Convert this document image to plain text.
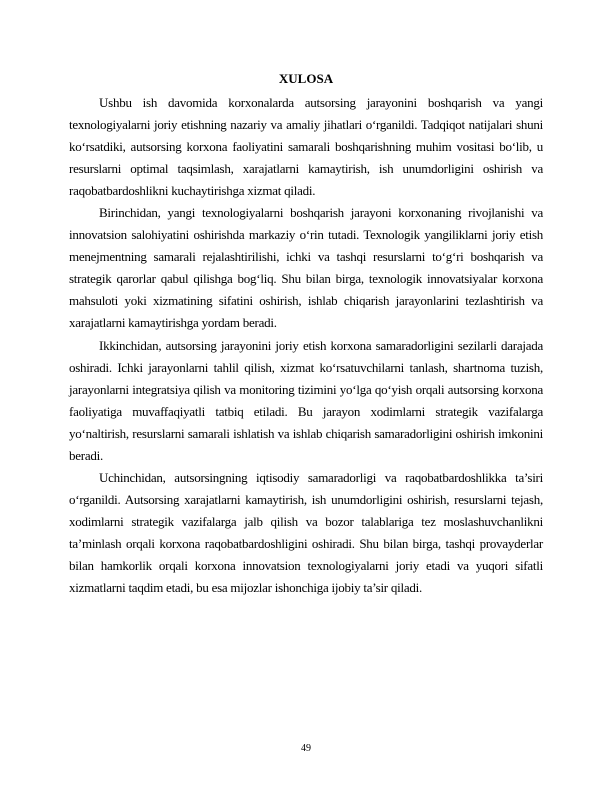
XULOSA

Ushbu ish davomida korxonalarda autsorsing jarayonini boshqarish va yangi texnologiyalarni joriy etishning nazariy va amaliy jihatlari o‘rganildi. Tadqiqot natijalari shuni ko‘rsatdiki, autsorsing korxona faoliyatini samarali boshqarishning muhim vositasi bo‘lib, u resurslarni optimal taqsimlash, xarajatlarni kamaytirish, ish unumdorligini oshirish va raqobatbardoshlikni kuchaytirishga xizmat qiladi.

Birinchidan, yangi texnologiyalarni boshqarish jarayoni korxonaning rivojlanishi va innovatsion salohiyatini oshirishda markaziy o‘rin tutadi. Texnologik yangiliklarni joriy etish menejmentning samarali rejalashtirilishi, ichki va tashqi resurslarni to‘g‘ri boshqarish va strategik qarorlar qabul qilishga bog‘liq. Shu bilan birga, texnologik innovatsiyalar korxona mahsuloti yoki xizmatining sifatini oshirish, ishlab chiqarish jarayonlarini tezlashtirish va xarajatlarni kamaytirishga yordam beradi.

Ikkinchidan, autsorsing jarayonini joriy etish korxona samaradorligini sezilarli darajada oshiradi. Ichki jarayonlarni tahlil qilish, xizmat ko‘rsatuvchilarni tanlash, shartnoma tuzish, jarayonlarni integratsiya qilish va monitoring tizimini yo‘lga qo‘yish orqali autsorsing korxona faoliyatiga muvaffaqiyatli tatbiq etiladi. Bu jarayon xodimlarni strategik vazifalarga yo‘naltirish, resurslarni samarali ishlatish va ishlab chiqarish samaradorligini oshirish imkonini beradi.

Uchinchidan, autsorsingning iqtisodiy samaradorligi va raqobatbardoshlikka ta’siri o‘rganildi. Autsorsing xarajatlarni kamaytirish, ish unumdorligini oshirish, resurslarni tejash, xodimlarni strategik vazifalarga jalb qilish va bozor talablariga tez moslashuvchanlikni ta’minlash orqali korxona raqobatbardoshligini oshiradi. Shu bilan birga, tashqi provayderlar bilan hamkorlik orqali korxona innovatsion texnologiyalarni joriy etadi va yuqori sifatli xizmatlarni taqdim etadi, bu esa mijozlar ishonchiga ijobiy ta’sir qiladi.

49
